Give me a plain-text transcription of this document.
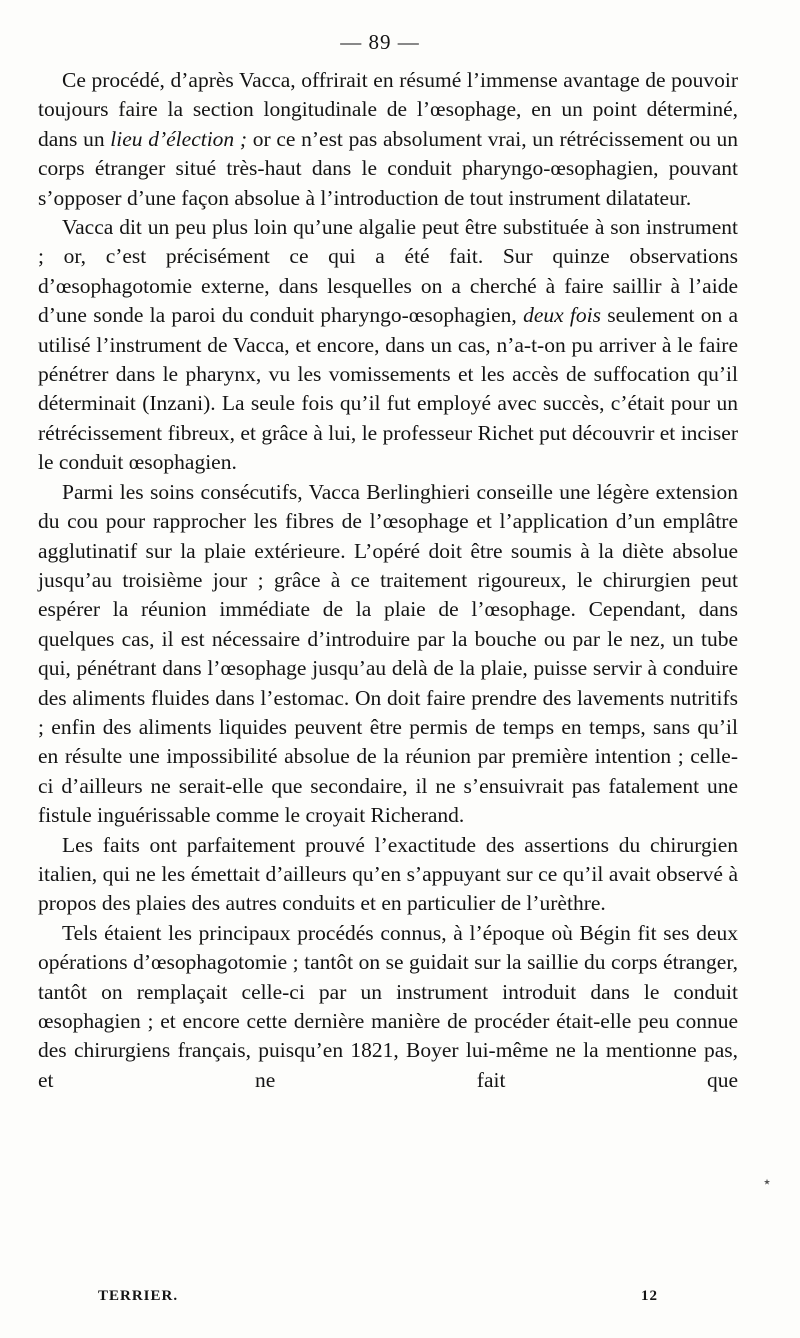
— 89 —

Ce procédé, d’après Vacca, offrirait en résumé l’immense avantage de pouvoir toujours faire la section longitudinale de l’œsophage, en un point déterminé, dans un lieu d’élection ; or ce n’est pas absolument vrai, un rétrécissement ou un corps étranger situé très-haut dans le conduit pharyngo-œsophagien, pouvant s’opposer d’une façon absolue à l’introduction de tout instrument dilatateur.

Vacca dit un peu plus loin qu’une algalie peut être substituée à son instrument ; or, c’est précisément ce qui a été fait. Sur quinze observations d’œsophagotomie externe, dans lesquelles on a cherché à faire saillir à l’aide d’une sonde la paroi du conduit pharyngo-œsophagien, deux fois seulement on a utilisé l’instrument de Vacca, et encore, dans un cas, n’a-t-on pu arriver à le faire pénétrer dans le pharynx, vu les vomissements et les accès de suffocation qu’il déterminait (Inzani). La seule fois qu’il fut employé avec succès, c’était pour un rétrécissement fibreux, et grâce à lui, le professeur Richet put découvrir et inciser le conduit œsophagien.

Parmi les soins consécutifs, Vacca Berlinghieri conseille une légère extension du cou pour rapprocher les fibres de l’œsophage et l’application d’un emplâtre agglutinatif sur la plaie extérieure. L’opéré doit être soumis à la diète absolue jusqu’au troisième jour ; grâce à ce traitement rigoureux, le chirurgien peut espérer la réunion immédiate de la plaie de l’œsophage. Cependant, dans quelques cas, il est nécessaire d’introduire par la bouche ou par le nez, un tube qui, pénétrant dans l’œsophage jusqu’au delà de la plaie, puisse servir à conduire des aliments fluides dans l’estomac. On doit faire prendre des lavements nutritifs ; enfin des aliments liquides peuvent être permis de temps en temps, sans qu’il en résulte une impossibilité absolue de la réunion par première intention ; celle-ci d’ailleurs ne serait-elle que secondaire, il ne s’ensuivrait pas fatalement une fistule inguérissable comme le croyait Richerand.

Les faits ont parfaitement prouvé l’exactitude des assertions du chirurgien italien, qui ne les émettait d’ailleurs qu’en s’appuyant sur ce qu’il avait observé à propos des plaies des autres conduits et en particulier de l’urèthre.

Tels étaient les principaux procédés connus, à l’époque où Bégin fit ses deux opérations d’œsophagotomie ; tantôt on se guidait sur la saillie du corps étranger, tantôt on remplaçait celle-ci par un instrument introduit dans le conduit œsophagien ; et encore cette dernière manière de procéder était-elle peu connue des chirurgiens français, puisqu’en 1821, Boyer lui-même ne la mentionne pas, et ne fait que

TERRIER.	12
⋆
